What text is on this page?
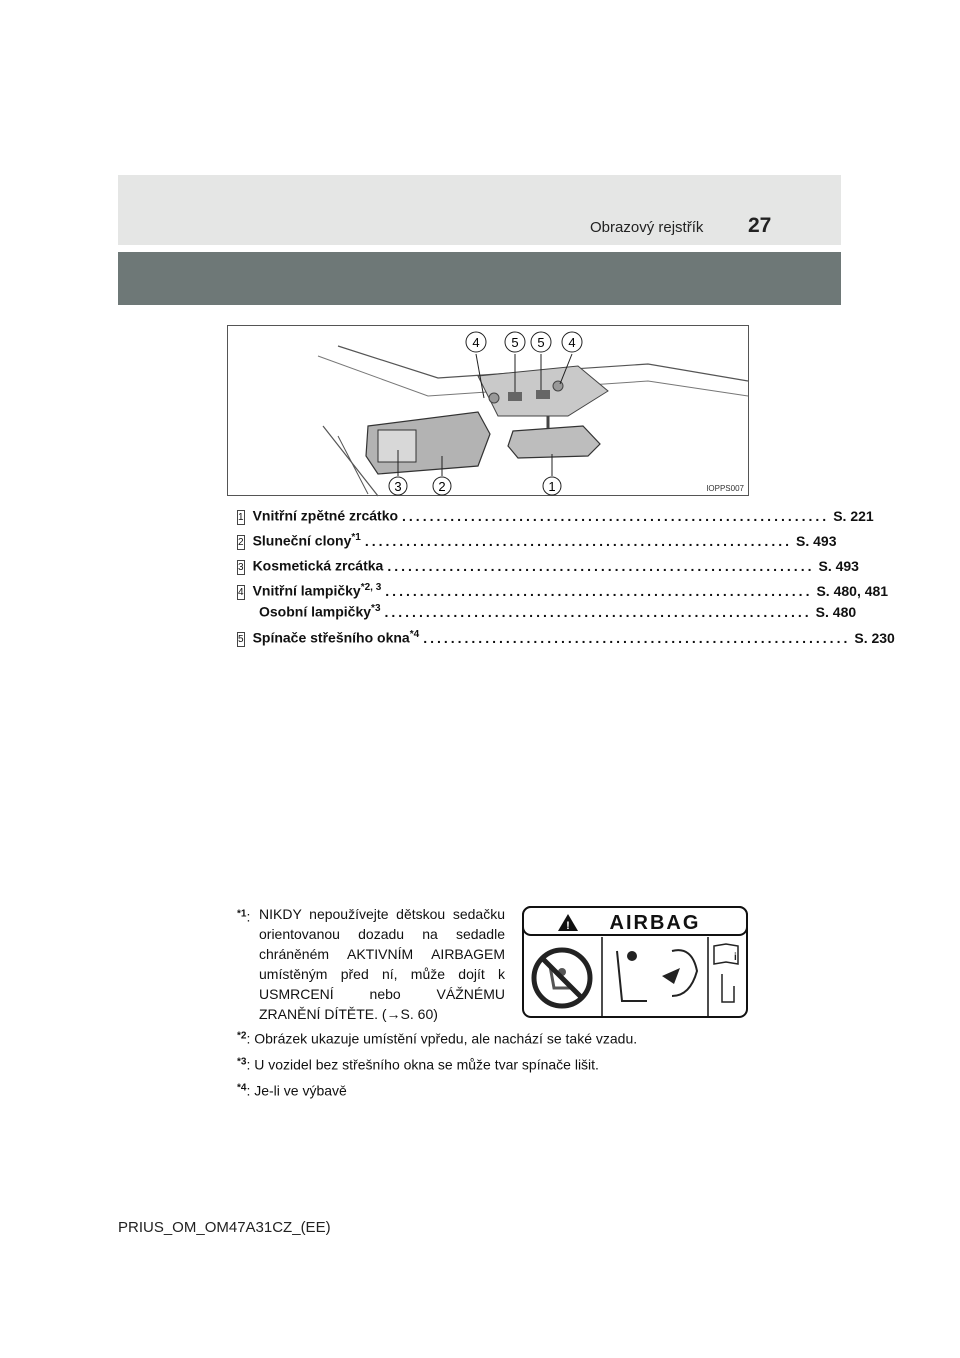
Obrazový rejstřík 27
4 5 5 4
3	2	1	IOPPS007
1 Vnitřní zpětné zrcátko .............................................................. S. 221
2 Sluneční clony$^{*1}$ .............................................................. S. 493
3 Kosmetická zrcátka .............................................................. S. 493
4 Vnitřní lampičky$^{*2, 3}$ .............................................................. S. 480, 481
Osobní lampičky$^{*3}$ .............................................................. S. 480
5 Spínače střešního okna$^{*4}$ .............................................................. S. 230
$^{*1}$: NIKDY nepoužívejte dětskou sedačku orientovanou dozadu na sedadle chráněném AKTIVNÍM AIRBAGEM umístěným před ní, může dojít k USMRCENÍ nebo VÁŽNÉMU ZRANĚNÍ DÍTĚTE. (→S. 60)
! AIRBAG
i
$^{*2}$: Obrázek ukazuje umístění vpředu, ale nachází se také vzadu.
$^{*3}$: U vozidel bez střešního okna se může tvar spínače lišit.
$^{*4}$: Je-li ve výbavě
PRIUS_OM_OM47A31CZ_(EE)
